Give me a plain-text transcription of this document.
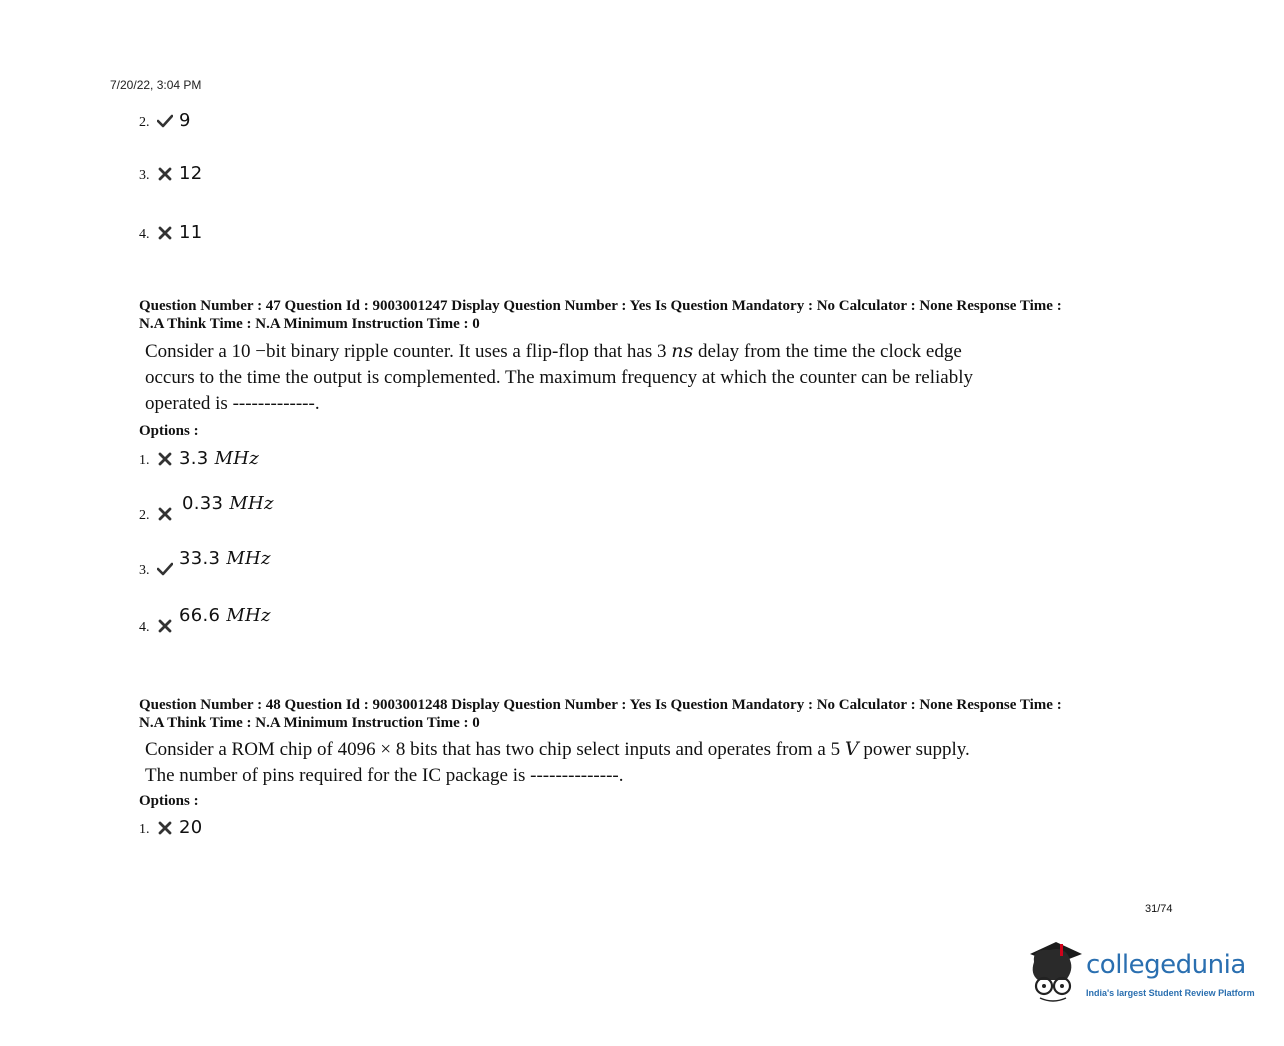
7/20/22, 3:04 PM
2.	9
3.	12
4.	11
Question Number : 47 Question Id : 9003001247 Display Question Number : Yes Is Question Mandatory : No Calculator : None Response Time :
N.A Think Time : N.A Minimum Instruction Time : 0
Consider a 10 −bit binary ripple counter. It uses a flip-flop that has 3 ns delay from the time the clock edge occurs to the time the output is complemented. The maximum frequency at which the counter can be reliably operated is -------------.
Options :
1.	3.3 MHz
2.
0.33 MHz
3.
33.3 MHz
4.
66.6 MHz
Question Number : 48 Question Id : 9003001248 Display Question Number : Yes Is Question Mandatory : No Calculator : None Response Time :
N.A Think Time : N.A Minimum Instruction Time : 0
Consider a ROM chip of 4096 × 8 bits that has two chip select inputs and operates from a 5 V power supply. The number of pins required for the IC package is --------------.
Options :
1.	20
31/74
collegedunia
India's largest Student Review Platform
